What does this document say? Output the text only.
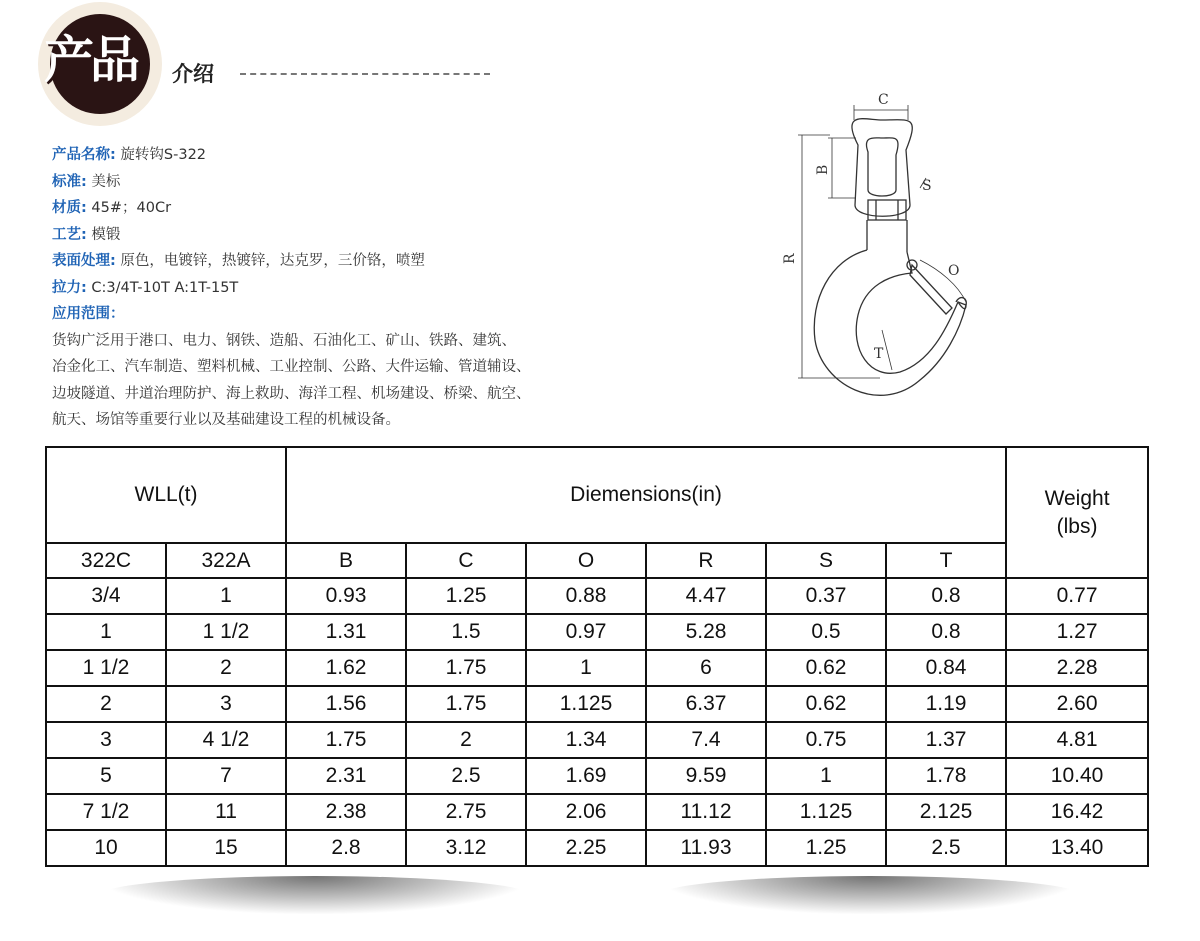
产品 介绍
产品名称: 旋转钩S-322
标准: 美标
材质: 45#；40Cr
工艺: 模锻
表面处理: 原色，电镀锌，热镀锌，达克罗，三价铬，喷塑
拉力: C:3/4T-10T A:1T-15T
应用范围：
货钩广泛用于港口、电力、钢铁、造船、石油化工、矿山、铁路、建筑、
冶金化工、汽车制造、塑料机械、工业控制、公路、大件运输、管道辅设、
边坡隧道、井道治理防护、海上救助、海洋工程、机场建设、桥梁、航空、
航天、场馆等重要行业以及基础建设工程的机械设备。
C
B
S
R
O
T
WLL(t)		Diemensions(in)						Weight
(lbs)

322C	322A	B	C	O	R	S	T	
3/4	1	0.93	1.25	0.88	4.47	0.37	0.8	0.77
1	1 1/2	1.31	1.5	0.97	5.28	0.5	0.8	1.27
1 1/2	2	1.62	1.75	1	6	0.62	0.84	2.28
2	3	1.56	1.75	1.125	6.37	0.62	1.19	2.60
3	4 1/2	1.75	2	1.34	7.4	0.75	1.37	4.81
5	7	2.31	2.5	1.69	9.59	1	1.78	10.40
7 1/2	11	2.38	2.75	2.06	11.12	1.125	2.125	16.42
10	15	2.8	3.12	2.25	11.93	1.25	2.5	13.40
